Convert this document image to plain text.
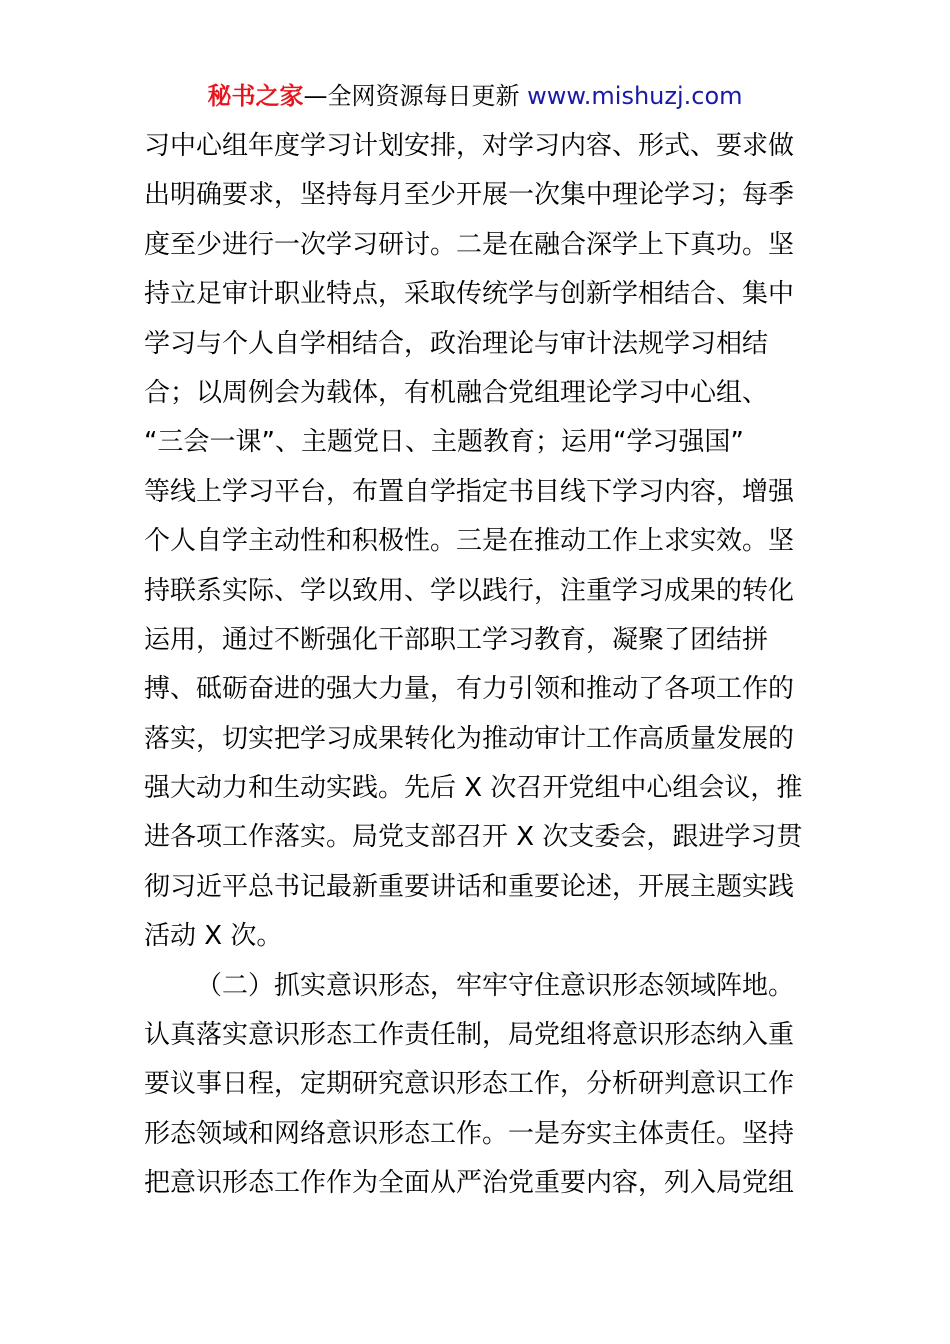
秘书之家—全网资源每日更新 www.mishuzj.com
习中心组年度学习计划安排，对学习内容、形式、要求做
出明确要求，坚持每月至少开展一次集中理论学习；每季
度至少进行一次学习研讨。二是在融合深学上下真功。坚
持立足审计职业特点，采取传统学与创新学相结合、集中
学习与个人自学相结合，政治理论与审计法规学习相结
合；以周例会为载体，有机融合党组理论学习中心组、
“三会一课”、主题党日、主题教育；运用“学习强国”
等线上学习平台，布置自学指定书目线下学习内容，增强
个人自学主动性和积极性。三是在推动工作上求实效。坚
持联系实际、学以致用、学以践行，注重学习成果的转化
运用，通过不断强化干部职工学习教育，凝聚了团结拼
搏、砥砺奋进的强大力量，有力引领和推动了各项工作的
落实，切实把学习成果转化为推动审计工作高质量发展的
强大动力和生动实践。先后 X 次召开党组中心组会议，推
进各项工作落实。局党支部召开 X 次支委会，跟进学习贯
彻习近平总书记最新重要讲话和重要论述，开展主题实践
活动 X 次。
（二）抓实意识形态，牢牢守住意识形态领域阵地。
认真落实意识形态工作责任制，局党组将意识形态纳入重
要议事日程，定期研究意识形态工作，分析研判意识工作
形态领域和网络意识形态工作。一是夯实主体责任。坚持
把意识形态工作作为全面从严治党重要内容，列入局党组
